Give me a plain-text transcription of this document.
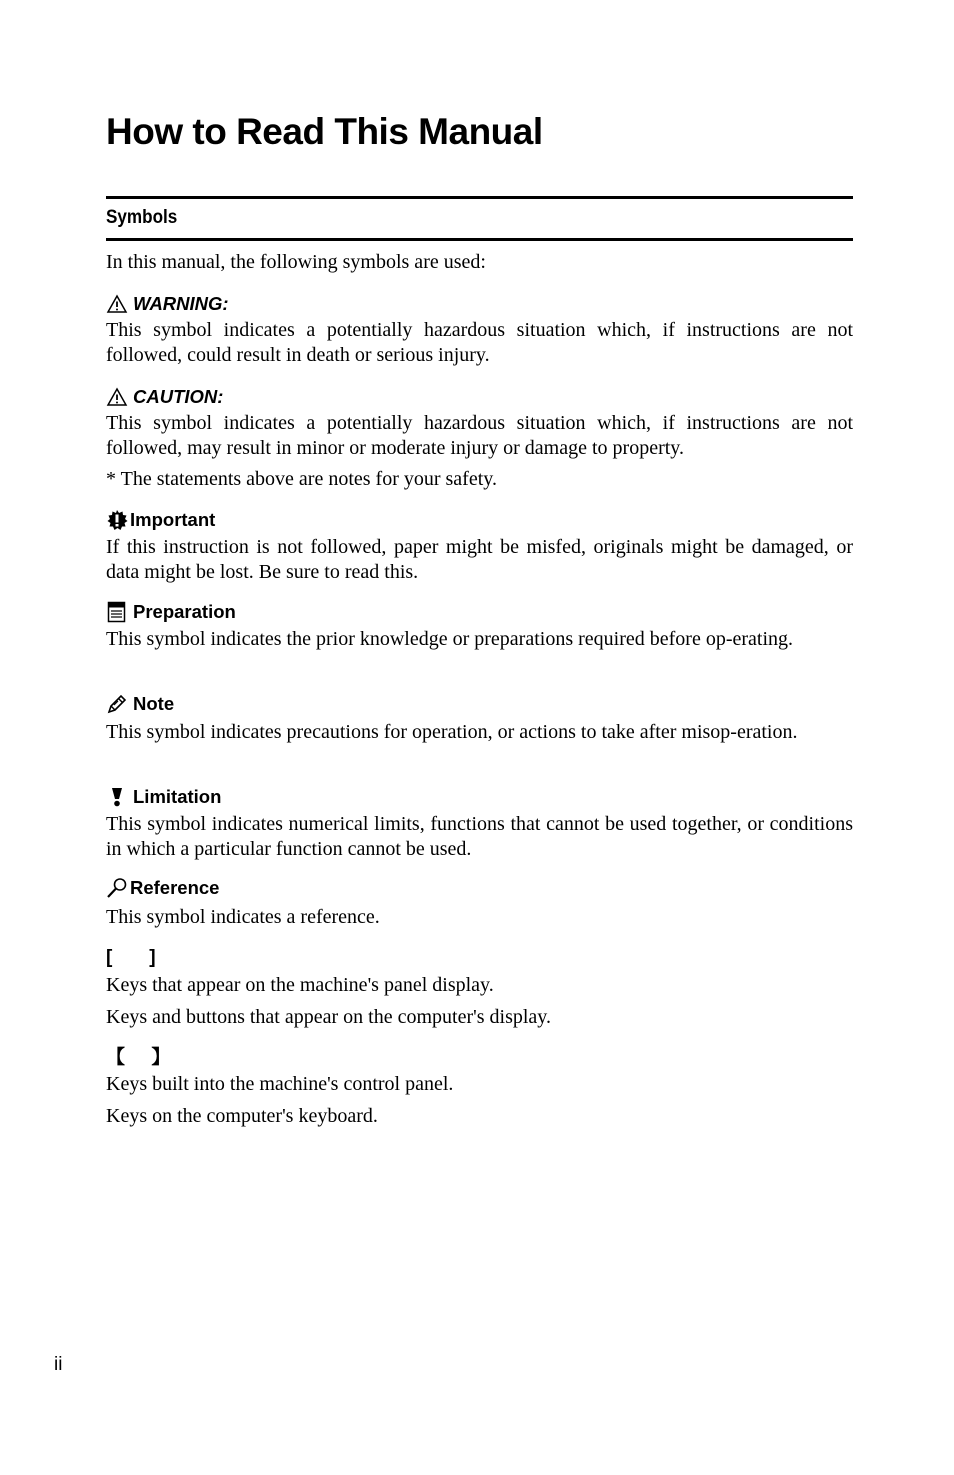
How to Read This Manual
Symbols

In this manual, the following symbols are used:

WARNING:

This symbol indicates a potentially hazardous situation which, if instructions are not followed, could result in death or serious injury.

CAUTION:

This symbol indicates a potentially hazardous situation which, if instructions are not followed, may result in minor or moderate injury or damage to property.

* The statements above are notes for your safety.

Important

If this instruction is not followed, paper might be misfed, originals might be damaged, or data might be lost. Be sure to read this.

Preparation

This symbol indicates the prior knowledge or preparations required before op-erating.

Note

This symbol indicates precautions for operation, or actions to take after misop-eration.

Limitation

This symbol indicates numerical limits, functions that cannot be used together, or conditions in which a particular function cannot be used.

Reference

This symbol indicates a reference.

[       ]

Keys that appear on the machine's panel display.

Keys and buttons that appear on the computer's display.

【     】

Keys built into the machine's control panel.

Keys on the computer's keyboard.

ii
